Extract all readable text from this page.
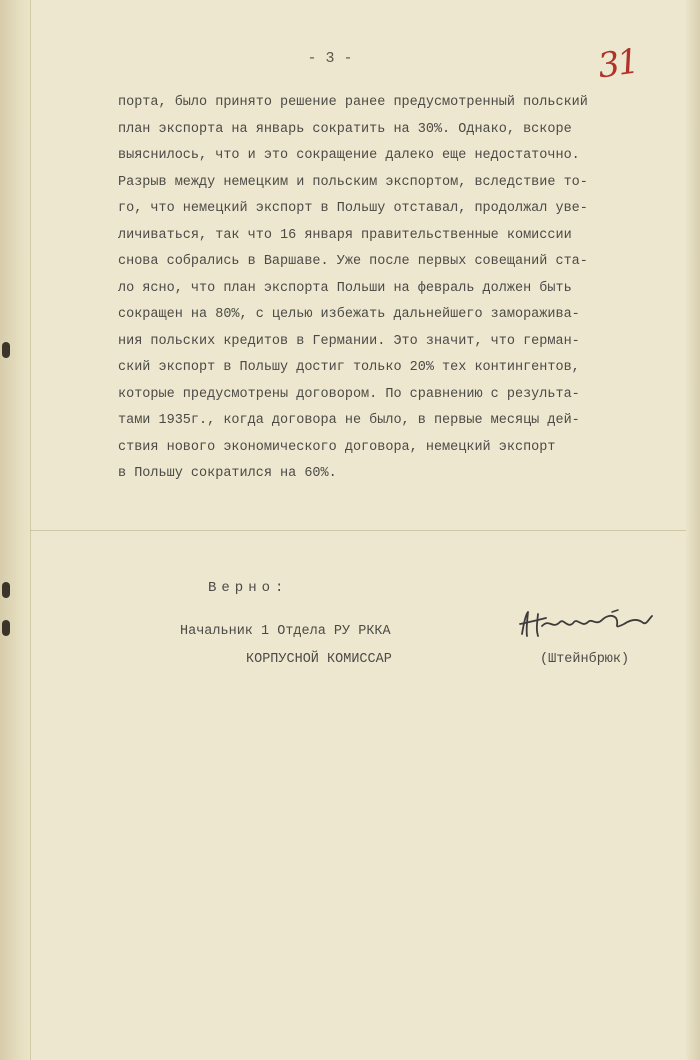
- 3 -	31
порта, было принято решение ранее предусмотренный польский
план экспорта на январь сократить на 30%. Однако, вскоре
выяснилось, что и это сокращение далеко еще недостаточно.
Разрыв между немецким и польским экспортом, вследствие то-
го, что немецкий экспорт в Польшу отставал, продолжал уве-
личиваться, так что 16 января правительственные комиссии
снова собрались в Варшаве. Уже после первых совещаний ста-
ло ясно, что план экспорта Польши на февраль должен быть
сокращен на 80%, с целью избежать дальнейшего заморажива-
ния польских кредитов в Германии. Это значит, что герман-
ский экспорт в Польшу достиг только 20% тех контингентов,
которые предусмотрены договором. По сравнению с результа-
тами 1935г., когда договора не было, в первые месяцы дей-
ствия нового экономического договора, немецкий экспорт
в Польшу сократился на 60%.
Верно:
Начальник 1 Отдела РУ РККА
КОРПУСНОЙ КОМИССАР	(Штейнбрюк)
